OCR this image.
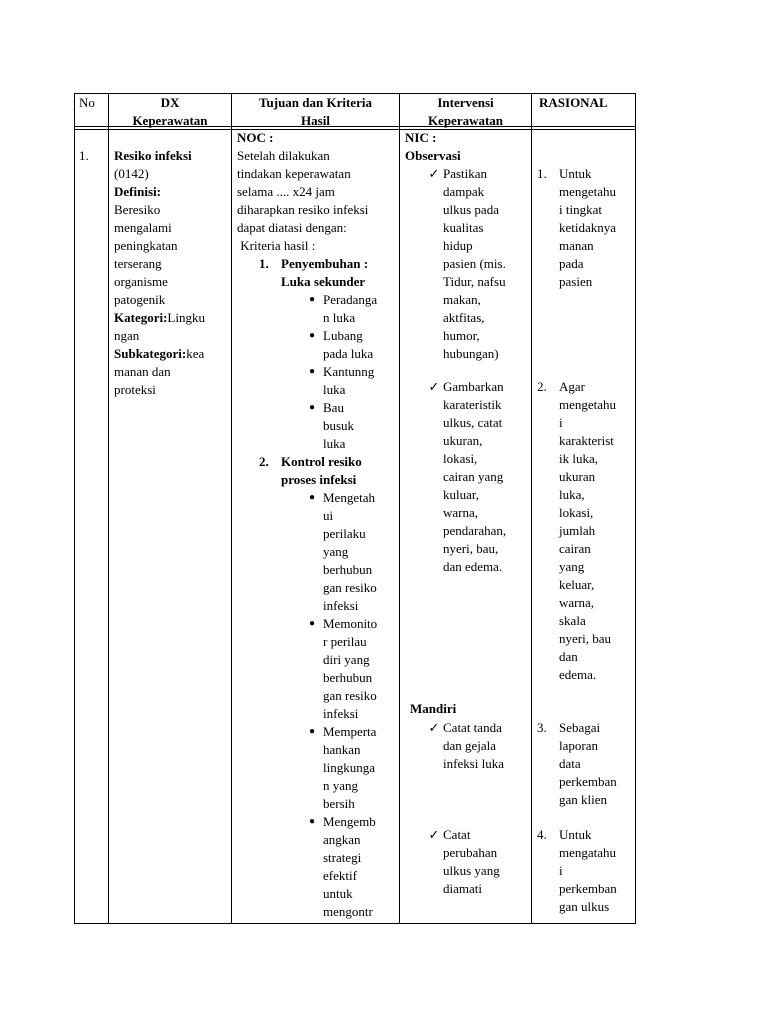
No	DX
Keperawatan
Tujuan dan Kriteria
Hasil
Intervensi
Keperawatan
RASIONAL
1.	Resiko infeksi
(0142)
Definisi:
Beresiko
mengalami
peningkatan
terserang
organisme
patogenik
Kategori:Lingku
ngan
Subkategori:kea
manan dan
proteksi
NOC :
Setelah dilakukan
tindakan keperawatan
selama .... x24 jam
diharapkan resiko infeksi
dapat diatasi dengan:
Kriteria hasil :
1. Penyembuhan :
Luka sekunder
● Peradanga
n luka
● Lubang
pada luka
● Kantunng
luka
● Bau
busuk
luka
2. Kontrol resiko
proses infeksi
● Mengetah
ui
perilaku
yang
berhubun
gan resiko
infeksi
● Memonito
r perilau
diri yang
berhubun
gan resiko
infeksi
● Memperta
hankan
lingkunga
n yang
bersih
● Mengemb
angkan
strategi
efektif
untuk
mengontr
NIC :
Observasi
✓ Pastikan
dampak
ulkus pada
kualitas
hidup
pasien (mis.
Tidur, nafsu
makan,
aktfitas,
humor,
hubungan)
✓ Gambarkan
karateristik
ulkus, catat
ukuran,
lokasi,
cairan yang
kuluar,
warna,
pendarahan,
nyeri, bau,
dan edema.
Mandiri
✓ Catat tanda
dan gejala
infeksi luka
✓ Catat
perubahan
ulkus yang
diamati
1. Untuk
mengetahu
i tingkat
ketidaknya
manan
pada
pasien
2. Agar
mengetahu
i
karakterist
ik luka,
ukuran
luka,
lokasi,
jumlah
cairan
yang
keluar,
warna,
skala
nyeri, bau
dan
edema.
3. Sebagai
laporan
data
perkemban
gan klien
4. Untuk
mengatahu
i
perkemban
gan ulkus
